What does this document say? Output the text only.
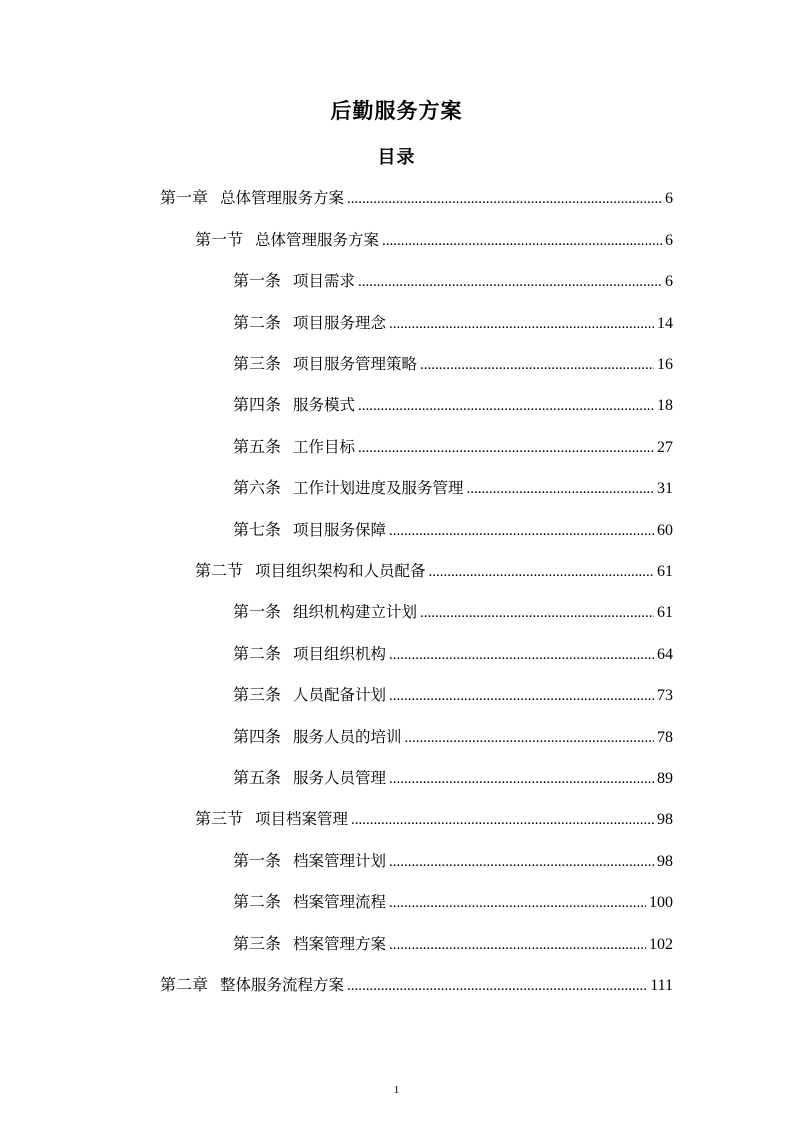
后勤服务方案
目录
第一章 总体管理服务方案 .....	6
第一节 总体管理服务方案 .....	6
第一条 项目需求 .....	6
第二条 项目服务理念 .....	14
第三条 项目服务管理策略 .....	16
第四条 服务模式 .....	18
第五条 工作目标 .....	27
第六条 工作计划进度及服务管理 .....	31
第七条 项目服务保障 .....	60
第二节 项目组织架构和人员配备 .....	61
第一条 组织机构建立计划 .....	61
第二条 项目组织机构 .....	64
第三条 人员配备计划 .....	73
第四条 服务人员的培训 .....	78
第五条 服务人员管理 .....	89
第三节 项目档案管理 .....	98
第一条 档案管理计划 .....	98
第二条 档案管理流程 .....	100
第三条 档案管理方案 .....	102
第二章 整体服务流程方案 .....	111
1
